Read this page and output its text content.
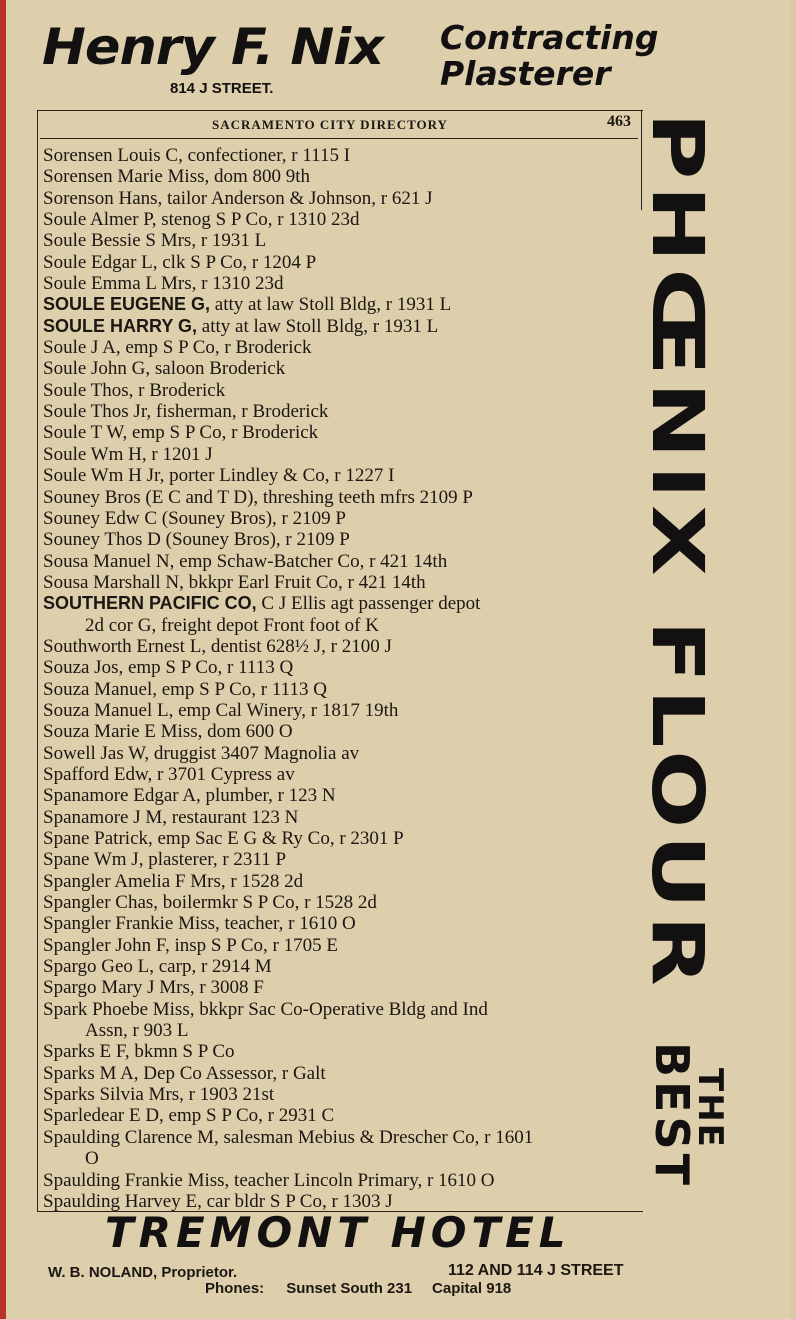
Henry F. Nix
814 J STREET.
Contracting
Plasterer
SACRAMENTO CITY DIRECTORY	463
Sorensen Louis C, confectioner, r 1115 I
Sorensen Marie Miss, dom 800 9th
Sorenson Hans, tailor Anderson & Johnson, r 621 J
Soule Almer P, stenog S P Co, r 1310 23d
Soule Bessie S Mrs, r 1931 L
Soule Edgar L, clk S P Co, r 1204 P
Soule Emma L Mrs, r 1310 23d
SOULE EUGENE G, atty at law Stoll Bldg, r 1931 L
SOULE HARRY G, atty at law Stoll Bldg, r 1931 L
Soule J A, emp S P Co, r Broderick
Soule John G, saloon Broderick
Soule Thos, r Broderick
Soule Thos Jr, fisherman, r Broderick
Soule T W, emp S P Co, r Broderick
Soule Wm H, r 1201 J
Soule Wm H Jr, porter Lindley & Co, r 1227 I
Souney Bros (E C and T D), threshing teeth mfrs 2109 P
Souney Edw C (Souney Bros), r 2109 P
Souney Thos D (Souney Bros), r 2109 P
Sousa Manuel N, emp Schaw-Batcher Co, r 421 14th
Sousa Marshall N, bkkpr Earl Fruit Co, r 421 14th
SOUTHERN PACIFIC CO, C J Ellis agt passenger depot
2d cor G, freight depot Front foot of K
Southworth Ernest L, dentist 628½ J, r 2100 J
Souza Jos, emp S P Co, r 1113 Q
Souza Manuel, emp S P Co, r 1113 Q
Souza Manuel L, emp Cal Winery, r 1817 19th
Souza Marie E Miss, dom 600 O
Sowell Jas W, druggist 3407 Magnolia av
Spafford Edw, r 3701 Cypress av
Spanamore Edgar A, plumber, r 123 N
Spanamore J M, restaurant 123 N
Spane Patrick, emp Sac E G & Ry Co, r 2301 P
Spane Wm J, plasterer, r 2311 P
Spangler Amelia F Mrs, r 1528 2d
Spangler Chas, boilermkr S P Co, r 1528 2d
Spangler Frankie Miss, teacher, r 1610 O
Spangler John F, insp S P Co, r 1705 E
Spargo Geo L, carp, r 2914 M
Spargo Mary J Mrs, r 3008 F
Spark Phoebe Miss, bkkpr Sac Co-Operative Bldg and Ind
Assn, r 903 L
Sparks E F, bkmn S P Co
Sparks M A, Dep Co Assessor, r Galt
Sparks Silvia Mrs, r 1903 21st
Sparledear E D, emp S P Co, r 2931 C
Spaulding Clarence M, salesman Mebius & Drescher Co, r 1601
O
Spaulding Frankie Miss, teacher Lincoln Primary, r 1610 O
Spaulding Harvey E, car bldr S P Co, r 1303 J
PHŒNIX FLOUR
THE
BEST
TREMONT HOTEL
W. B. NOLAND, Proprietor.	112 AND 114 J STREET
Phones: Sunset South 231 Capital 918
